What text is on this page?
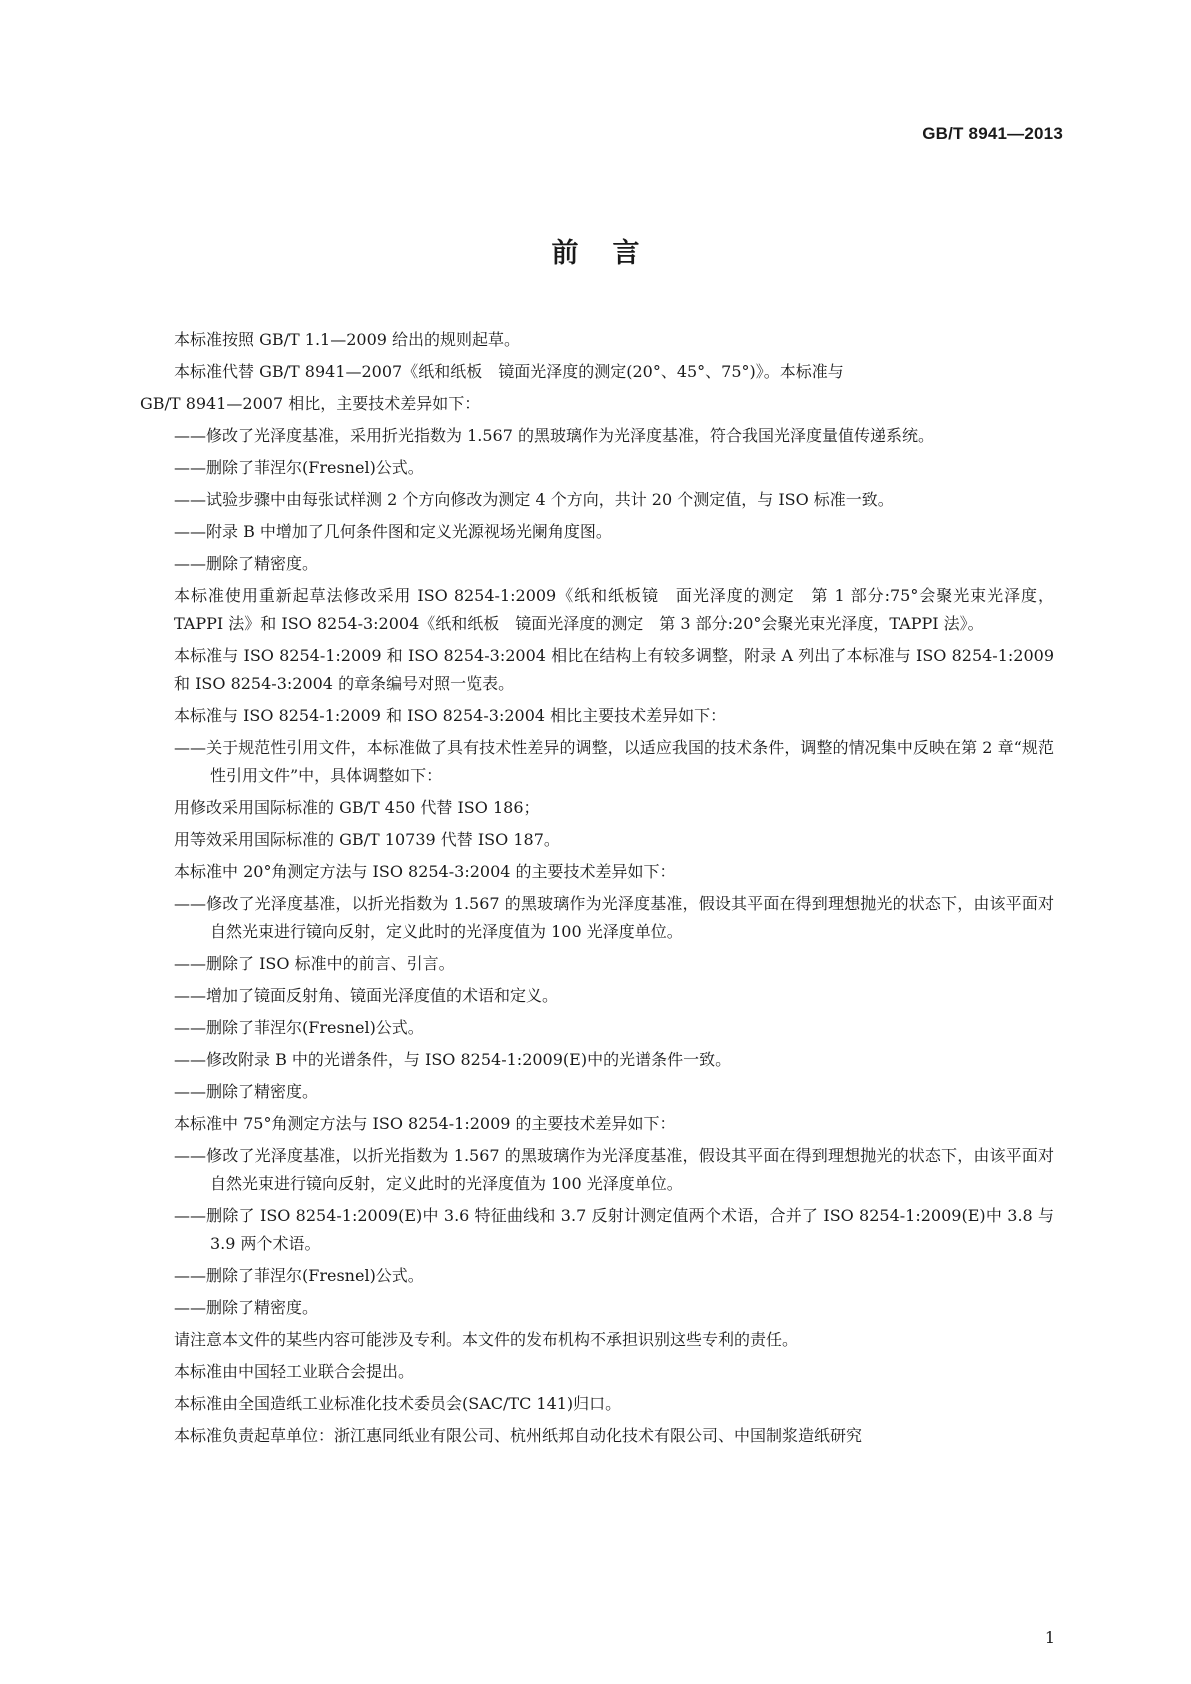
GB/T 8941—2013
前言

本标准按照 GB/T 1.1—2009 给出的规则起草。

本标准代替 GB/T 8941—2007《纸和纸板　镜面光泽度的测定(20°、45°、75°)》。本标准与

GB/T 8941—2007 相比，主要技术差异如下：

——修改了光泽度基准，采用折光指数为 1.567 的黑玻璃作为光泽度基准，符合我国光泽度量值传递系统。

——删除了菲涅尔(Fresnel)公式。

——试验步骤中由每张试样测 2 个方向修改为测定 4 个方向，共计 20 个测定值，与 ISO 标准一致。

——附录 B 中增加了几何条件图和定义光源视场光阑角度图。

——删除了精密度。

本标准使用重新起草法修改采用 ISO 8254-1:2009《纸和纸板镜　面光泽度的测定　第 1 部分:75°会聚光束光泽度，TAPPI 法》和 ISO 8254-3:2004《纸和纸板　镜面光泽度的测定　第 3 部分:20°会聚光束光泽度，TAPPI 法》。

本标准与 ISO 8254-1:2009 和 ISO 8254-3:2004 相比在结构上有较多调整，附录 A 列出了本标准与 ISO 8254-1:2009 和 ISO 8254-3:2004 的章条编号对照一览表。

本标准与 ISO 8254-1:2009 和 ISO 8254-3:2004 相比主要技术差异如下：

——关于规范性引用文件，本标准做了具有技术性差异的调整，以适应我国的技术条件，调整的情况集中反映在第 2 章“规范性引用文件”中，具体调整如下：

用修改采用国际标准的 GB/T 450 代替 ISO 186；

用等效采用国际标准的 GB/T 10739 代替 ISO 187。

本标准中 20°角测定方法与 ISO 8254-3:2004 的主要技术差异如下：

——修改了光泽度基准，以折光指数为 1.567 的黑玻璃作为光泽度基准，假设其平面在得到理想抛光的状态下，由该平面对自然光束进行镜向反射，定义此时的光泽度值为 100 光泽度单位。

——删除了 ISO 标准中的前言、引言。

——增加了镜面反射角、镜面光泽度值的术语和定义。

——删除了菲涅尔(Fresnel)公式。

——修改附录 B 中的光谱条件，与 ISO 8254-1:2009(E)中的光谱条件一致。

——删除了精密度。

本标准中 75°角测定方法与 ISO 8254-1:2009 的主要技术差异如下：

——修改了光泽度基准，以折光指数为 1.567 的黑玻璃作为光泽度基准，假设其平面在得到理想抛光的状态下，由该平面对自然光束进行镜向反射，定义此时的光泽度值为 100 光泽度单位。

——删除了 ISO 8254-1:2009(E)中 3.6 特征曲线和 3.7 反射计测定值两个术语，合并了 ISO 8254-1:2009(E)中 3.8 与 3.9 两个术语。

——删除了菲涅尔(Fresnel)公式。

——删除了精密度。

请注意本文件的某些内容可能涉及专利。本文件的发布机构不承担识别这些专利的责任。

本标准由中国轻工业联合会提出。

本标准由全国造纸工业标准化技术委员会(SAC/TC 141)归口。

本标准负责起草单位：浙江惠同纸业有限公司、杭州纸邦自动化技术有限公司、中国制浆造纸研究

1
